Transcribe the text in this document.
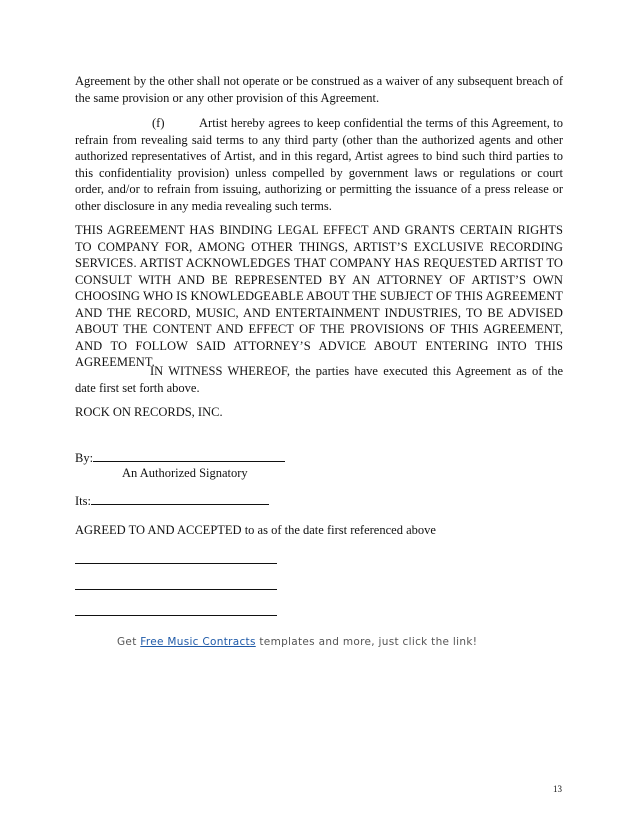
Agreement by the other shall not operate or be construed as a waiver of any subsequent breach of the same provision or any other provision of this Agreement.
(f)	Artist hereby agrees to keep confidential the terms of this Agreement, to refrain from revealing said terms to any third party (other than the authorized agents and other authorized representatives of Artist, and in this regard, Artist agrees to bind such third parties to this confidentiality provision) unless compelled by government laws or regulations or court order, and/or to refrain from issuing, authorizing or permitting the issuance of a press release or other disclosure in any media revealing such terms.
THIS AGREEMENT HAS BINDING LEGAL EFFECT AND GRANTS CERTAIN RIGHTS TO COMPANY FOR, AMONG OTHER THINGS, ARTIST’S EXCLUSIVE RECORDING SERVICES. ARTIST ACKNOWLEDGES THAT COMPANY HAS REQUESTED ARTIST TO CONSULT WITH AND BE REPRESENTED BY AN ATTORNEY OF ARTIST’S OWN CHOOSING WHO IS KNOWLEDGEABLE ABOUT THE SUBJECT OF THIS AGREEMENT AND THE RECORD, MUSIC, AND ENTERTAINMENT INDUSTRIES, TO BE ADVISED ABOUT THE CONTENT AND EFFECT OF THE PROVISIONS OF THIS AGREEMENT, AND TO FOLLOW SAID ATTORNEY’S ADVICE ABOUT ENTERING INTO THIS AGREEMENT.
IN WITNESS WHEREOF, the parties have executed this Agreement as of the date first set forth above.
ROCK ON RECORDS, INC.
By:
An Authorized Signatory
Its:
AGREED TO AND ACCEPTED to as of the date first referenced above
Get Free Music Contracts templates and more, just click the link!
13
